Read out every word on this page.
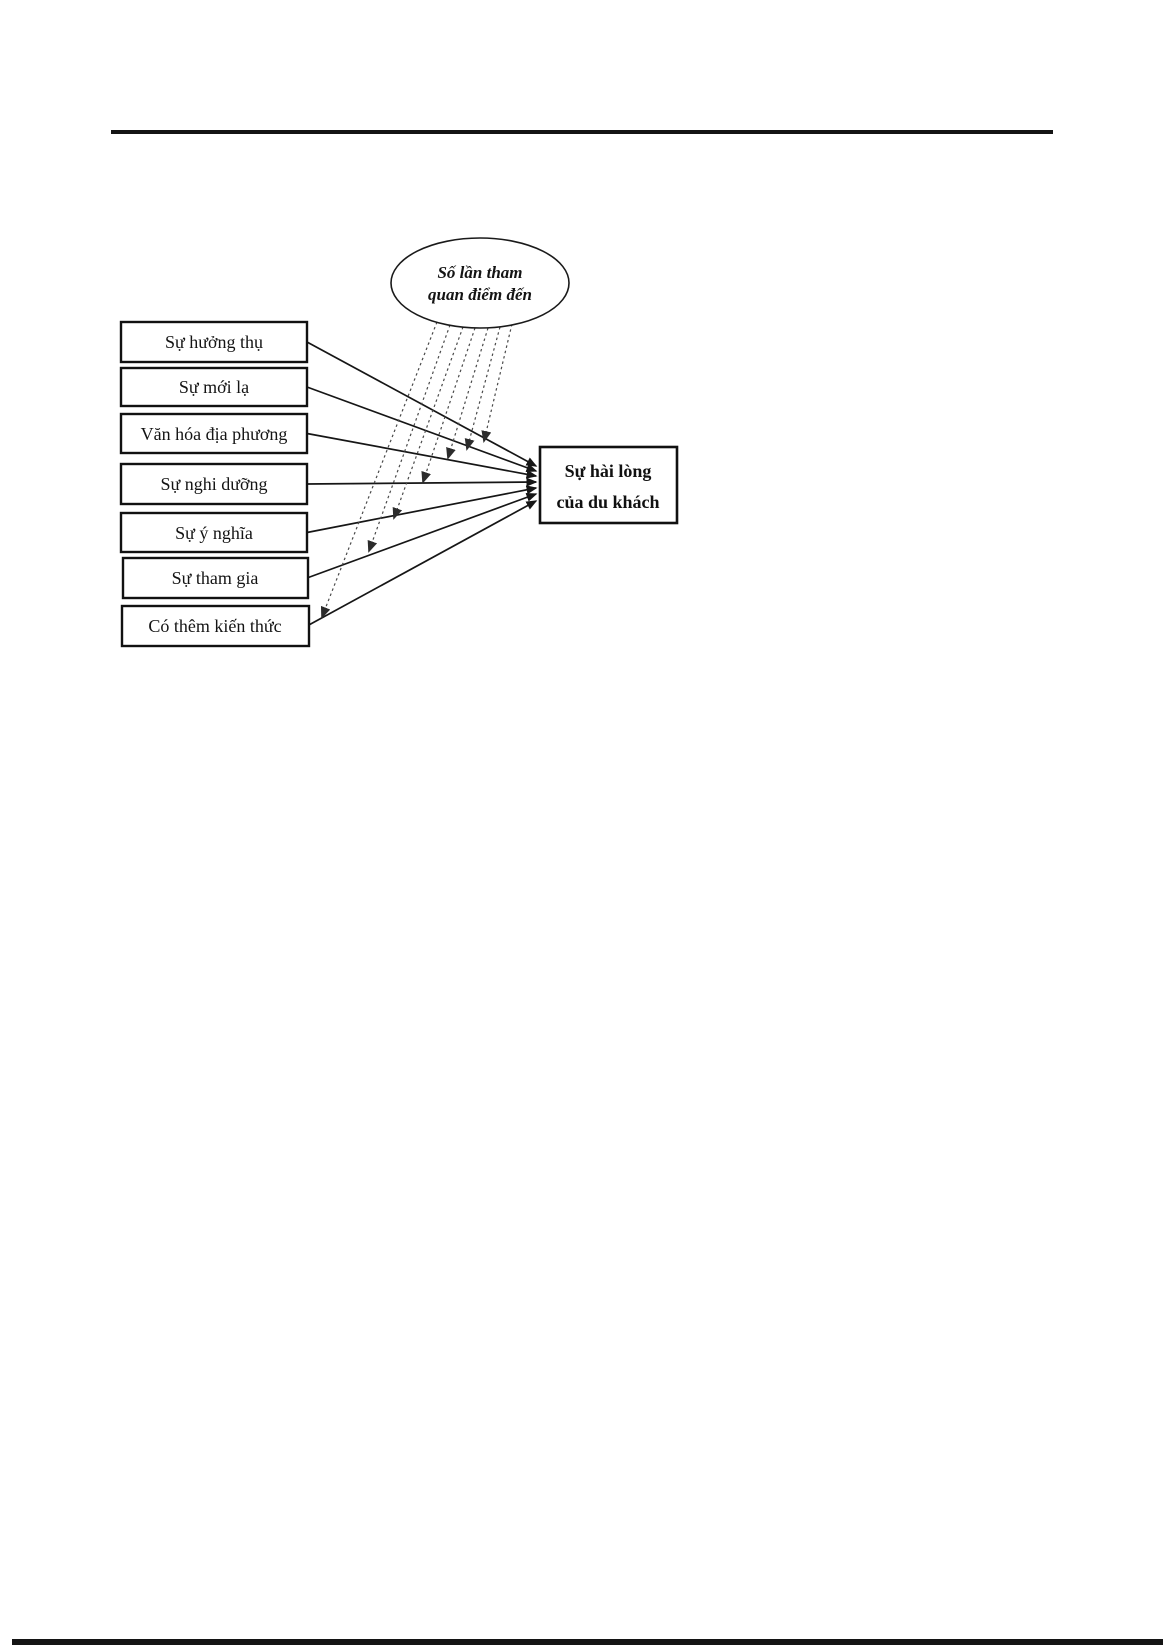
Số lần tham
quan điểm đến
Sự hưởng thụ
Sự mới lạ
Văn hóa địa phương
Sự nghi dưỡng
Sự ý nghĩa
Sự tham gia
Có thêm kiến thức
Sự hài lòng
của du khách
